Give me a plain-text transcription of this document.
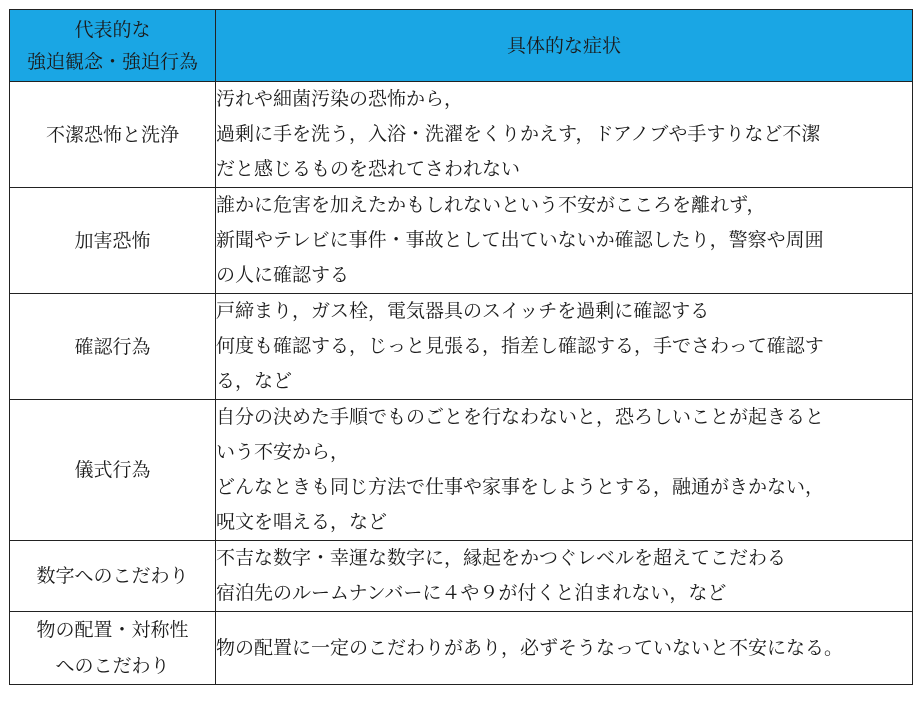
代表的な
強迫観念・強迫行為	具体的な症状

不潔恐怖と洗浄	汚れや細菌汚染の恐怖から，
過剰に手を洗う，入浴・洗濯をくりかえす，ドアノブや手すりなど不潔
だと感じるものを恐れてさわれない

加害恐怖	誰かに危害を加えたかもしれないという不安がこころを離れず，
新聞やテレビに事件・事故として出ていないか確認したり，警察や周囲
の人に確認する

確認行為	戸締まり，ガス栓，電気器具のスイッチを過剰に確認する
何度も確認する，じっと見張る，指差し確認する，手でさわって確認す
る，など

儀式行為	自分の決めた手順でものごとを行なわないと，恐ろしいことが起きると
いう不安から，
どんなときも同じ方法で仕事や家事をしようとする，融通がきかない，
呪文を唱える，など

数字へのこだわり	不吉な数字・幸運な数字に，縁起をかつぐレベルを超えてこだわる
宿泊先のルームナンバーに４や９が付くと泊まれない，など

物の配置・対称性
へのこだわり	物の配置に一定のこだわりがあり，必ずそうなっていないと不安になる。
